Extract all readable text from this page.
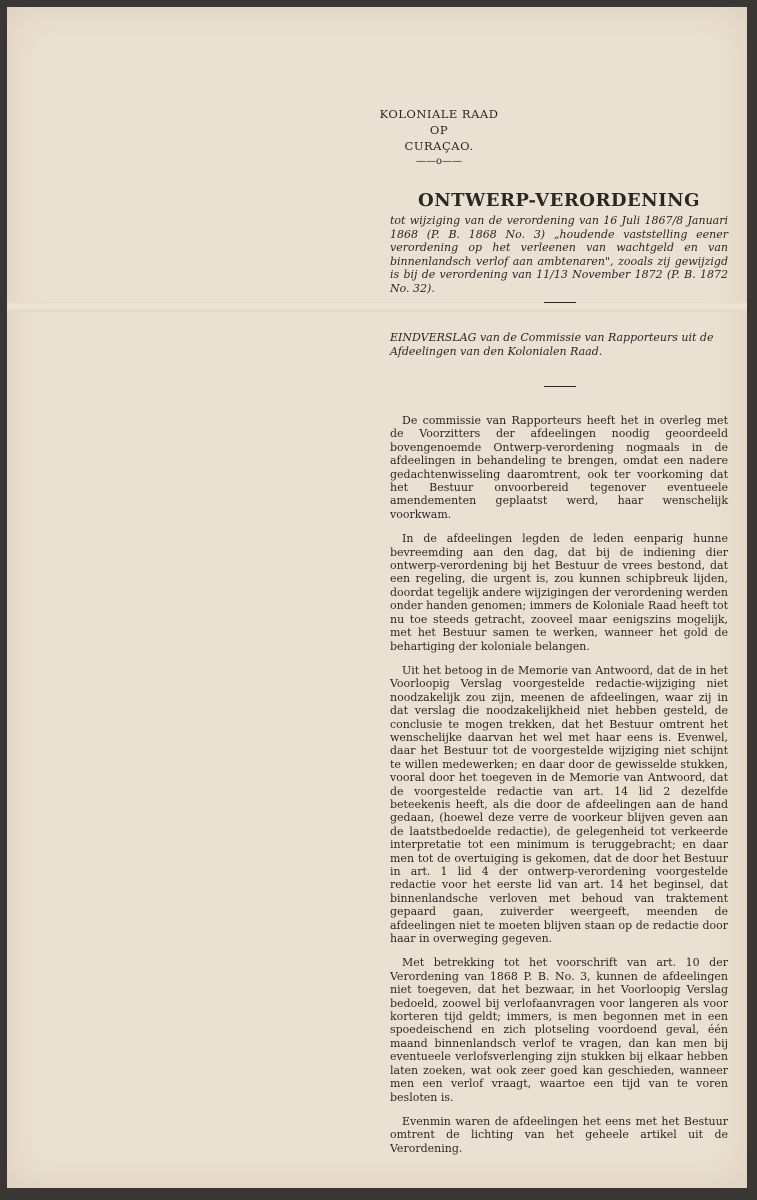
KOLONIALE RAAD
OP
CURAÇAO.
——o——
ONTWERP-VERORDENING
tot wijziging van de verordening van 16 Juli 1867/8 Januari 1868 (P. B. 1868 No. 3) „houdende vaststelling eener verordening op het verleenen van wachtgeld en van binnenlandsch verlof aan ambtenaren", zooals zij gewijzigd is bij de verordening van 11/13 November 1872 (P. B. 1872 No. 32).
EINDVERSLAG van de Commissie van Rapporteurs uit de Afdeelingen van den Kolonialen Raad.

De commissie van Rapporteurs heeft het in overleg met de Voorzitters der afdeelingen noodig geoordeeld bovengenoemde Ontwerp-verordening nogmaals in de afdeelingen in behandeling te brengen, omdat een nadere gedachtenwisseling daaromtrent, ook ter voorkoming dat het Bestuur onvoorbereid tegenover eventueele amendementen geplaatst werd, haar wenschelijk voorkwam.

In de afdeelingen legden de leden eenparig hunne bevreemding aan den dag, dat bij de indiening dier ontwerp-verordening bij het Bestuur de vrees bestond, dat een regeling, die urgent is, zou kunnen schipbreuk lijden, doordat tegelijk andere wijzigingen der verordening werden onder handen genomen; immers de Koloniale Raad heeft tot nu toe steeds getracht, zooveel maar eenigszins mogelijk, met het Bestuur samen te werken, wanneer het gold de behartiging der koloniale belangen.

Uit het betoog in de Memorie van Antwoord, dat de in het Voorloopig Verslag voorgestelde redactie-wijziging niet noodzakelijk zou zijn, meenen de afdeelingen, waar zij in dat verslag die noodzakelijkheid niet hebben gesteld, de conclusie te mogen trekken, dat het Bestuur omtrent het wenschelijke daarvan het wel met haar eens is. Evenwel, daar het Bestuur tot de voorgestelde wijziging niet schijnt te willen medewerken; en daar door de gewisselde stukken, vooral door het toegeven in de Memorie van Antwoord, dat de voorgestelde redactie van art. 14 lid 2 dezelfde beteekenis heeft, als die door de afdeelingen aan de hand gedaan, (hoewel deze verre de voorkeur blijven geven aan de laatstbedoelde redactie), de gelegenheid tot verkeerde interpretatie tot een minimum is teruggebracht; en daar men tot de overtuiging is gekomen, dat de door het Bestuur in art. 1 lid 4 der ontwerp-verordening voorgestelde redactie voor het eerste lid van art. 14 het beginsel, dat binnenlandsche verloven met behoud van traktement gepaard gaan, zuiverder weergeeft, meenden de afdeelingen niet te moeten blijven staan op de redactie door haar in overweging gegeven.

Met betrekking tot het voorschrift van art. 10 der Verordening van 1868 P. B. No. 3, kunnen de afdeelingen niet toegeven, dat het bezwaar, in het Voorloopig Verslag bedoeld, zoowel bij verlofaanvragen voor langeren als voor korteren tijd geldt; immers, is men begonnen met in een spoedeischend en zich plotseling voordoend geval, één maand binnenlandsch verlof te vragen, dan kan men bij eventueele verlofsverlenging zijn stukken bij elkaar hebben laten zoeken, wat ook zeer goed kan geschieden, wanneer men een verlof vraagt, waartoe een tijd van te voren besloten is.

Evenmin waren de afdeelingen het eens met het Bestuur omtrent de lichting van het geheele artikel uit de Verordening.
